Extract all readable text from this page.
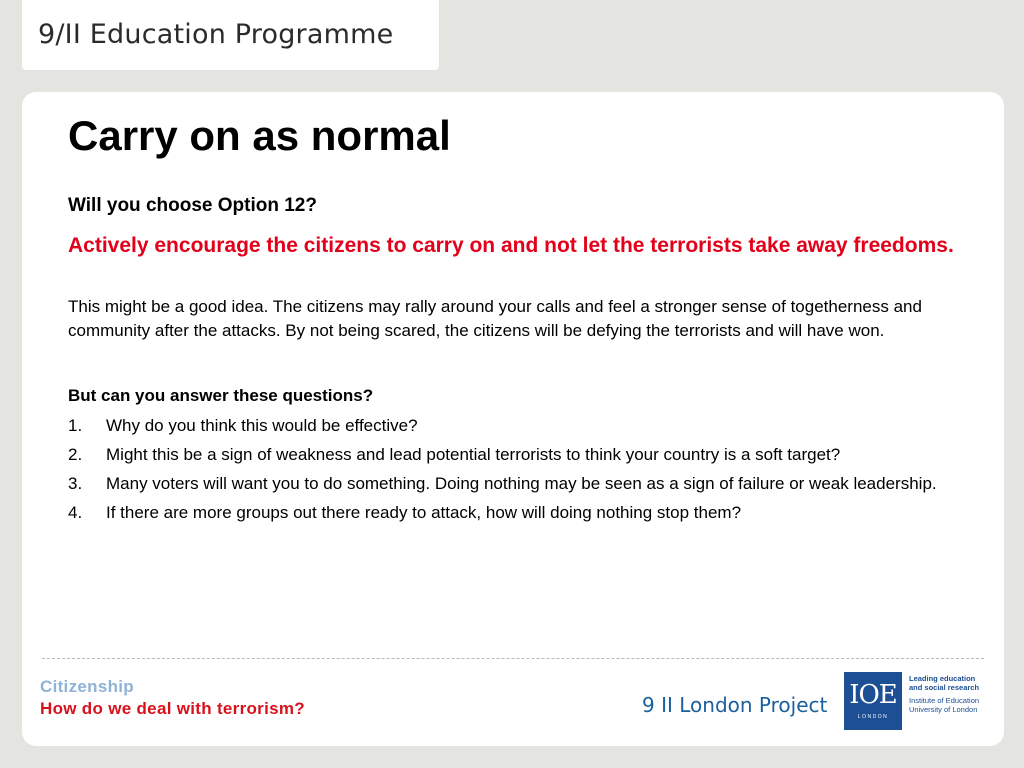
9/II Education Programme
Carry on as normal
Will you choose Option 12?
Actively encourage the citizens to carry on and not let the terrorists take away freedoms.
This might be a good idea. The citizens may rally around your calls and feel a stronger sense of togetherness and community after the attacks. By not being scared, the citizens will be defying the terrorists and will have won.
But can you answer these questions?
1.	Why do you think this would be effective?
2.	Might this be a sign of weakness and lead potential terrorists to think your country is a soft target?
3.	Many voters will want you to do something. Doing nothing may be seen as a sign of failure or weak leadership.
4.	If there are more groups out there ready to attack, how will doing nothing stop them?
Citizenship
How do we deal with terrorism?	9 II London Project IOE
LONDON
Leading education
and social research
Institute of Education
University of London
